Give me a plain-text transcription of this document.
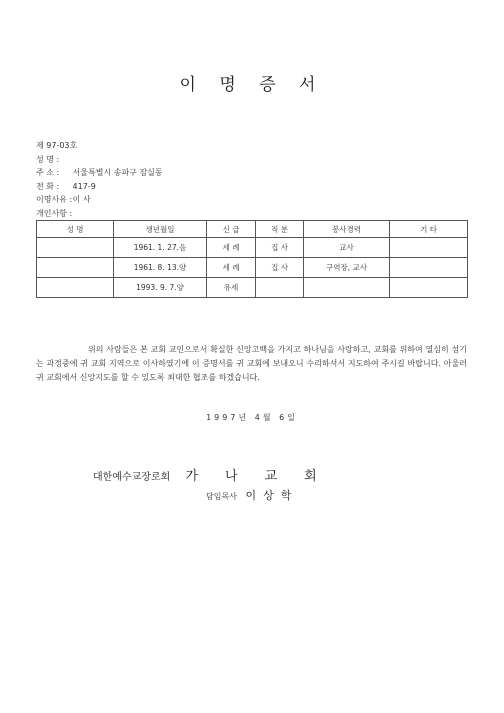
이 명 증 서
제 97-03호
성 명 :
주 소 : 서울특별시 송파구 잠실동
전 화 : 417-9
이명사유 : 이 사
개인사항 :
성 명	생년월일	신 급	직 분	봉사경력	기 타
	1961. 1. 27.음	세 례	집 사	교사	
	1961. 8. 13.양	세 례	집 사	구역장, 교사	
	1993. 9. 7.양	유세			

위의 사람들은 본 교회 교인으로서 확실한 신앙고백을 가지고 하나님을 사랑하고, 교회를 위하여 열심히 섬기는 과정중에 귀 교회 지역으로 이사하였기에 이 증명서를 귀 교회에 보내오니 수리하셔서 지도하여 주시길 바랍니다. 아울러 귀 교회에서 신앙지도를 할 수 있도록 최대한 협조를 하겠습니다.

1997년 4월 6일
대한예수교장로회 가나교회
담임목사 이상학
